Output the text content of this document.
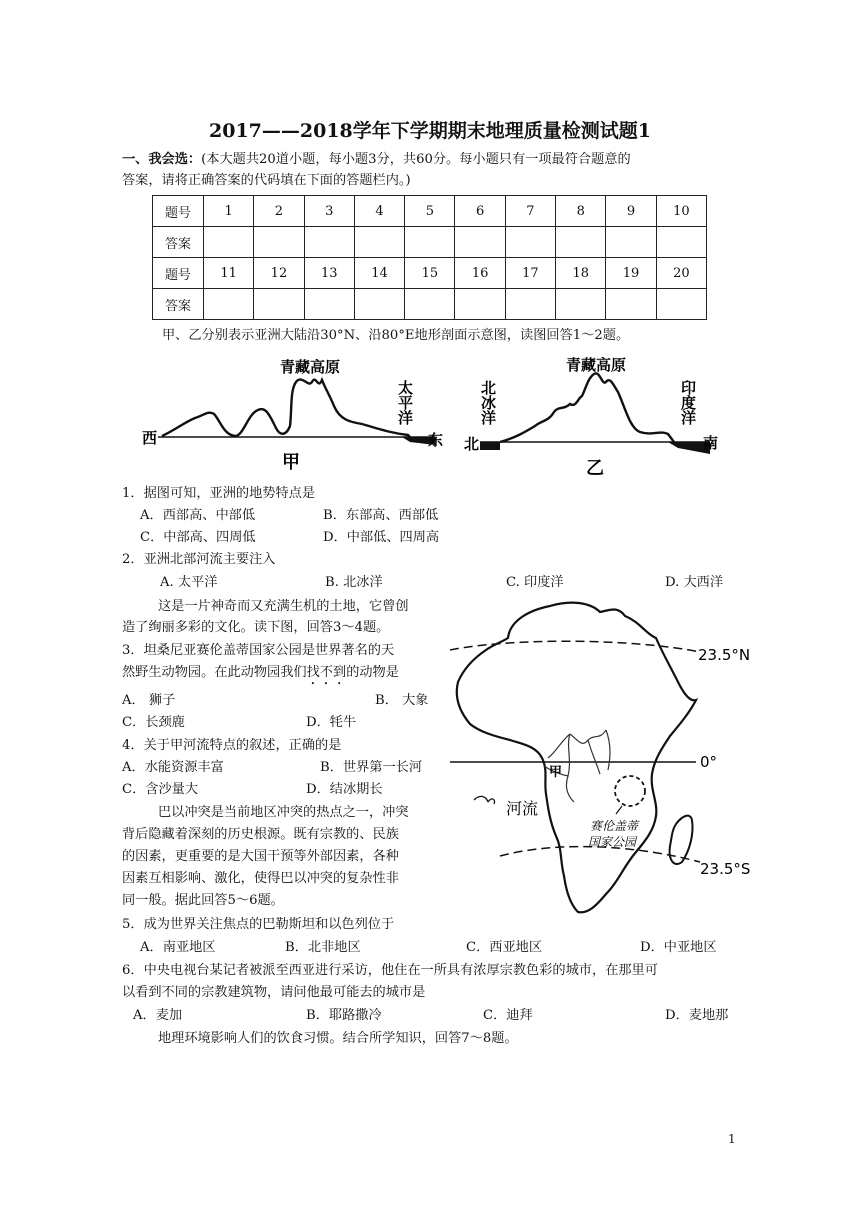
2017——2018学年下学期期末地理质量检测试题1
一、我会选：(本大题共20道小题，每小题3分，共60分。每小题只有一项最符合题意的
答案，请将正确答案的代码填在下面的答题栏内。)
题号	1	2	3	4	5	6	7	8	9	10
答案										
题号	11	12	13	14	15	16	17	18	19	20
答案										
甲、乙分别表示亚洲大陆沿30°N、沿80°E地形剖面示意图，读图回答1～2题。
西	东
青藏高原
太平洋
甲
北	南
青藏高原
北冰洋	印度洋
乙
1．据图可知，亚洲的地势特点是
A．西部高、中部低	B．东部高、西部低
C．中部高、四周低	D．中部低、四周高
2．亚洲北部河流主要注入
A. 太平洋	B. 北冰洋	C. 印度洋	D. 大西洋
这是一片神奇而又充满生机的土地，它曾创
造了绚丽多彩的文化。读下图，回答3～4题。
3．坦桑尼亚赛伦盖蒂国家公园是世界著名的天
然野生动物园。在此动物园我们找不到的动物是
A． 狮子	B． 大象
C．长颈鹿	D．牦牛
4．关于甲河流特点的叙述，正确的是
A．水能资源丰富	B．世界第一长河
C．含沙量大	D．结冰期长
巴以冲突是当前地区冲突的热点之一，冲突
背后隐藏着深刻的历史根源。既有宗教的、民族
的因素，更重要的是大国干预等外部因素，各种
因素互相影响、激化，使得巴以冲突的复杂性非
同一般。据此回答5～6题。
5．成为世界关注焦点的巴勒斯坦和以色列位于
A．南亚地区	B．北非地区	C．西亚地区	D．中亚地区
6．中央电视台某记者被派至西亚进行采访，他住在一所具有浓厚宗教色彩的城市，在那里可
以看到不同的宗教建筑物，请问他最可能去的城市是
A．麦加	B．耶路撒冷	C．迪拜	D．麦地那
地理环境影响人们的饮食习惯。结合所学知识，回答7～8题。
23.5°N
0°
23.5°S
甲
河流
赛伦盖蒂
国家公园
1
